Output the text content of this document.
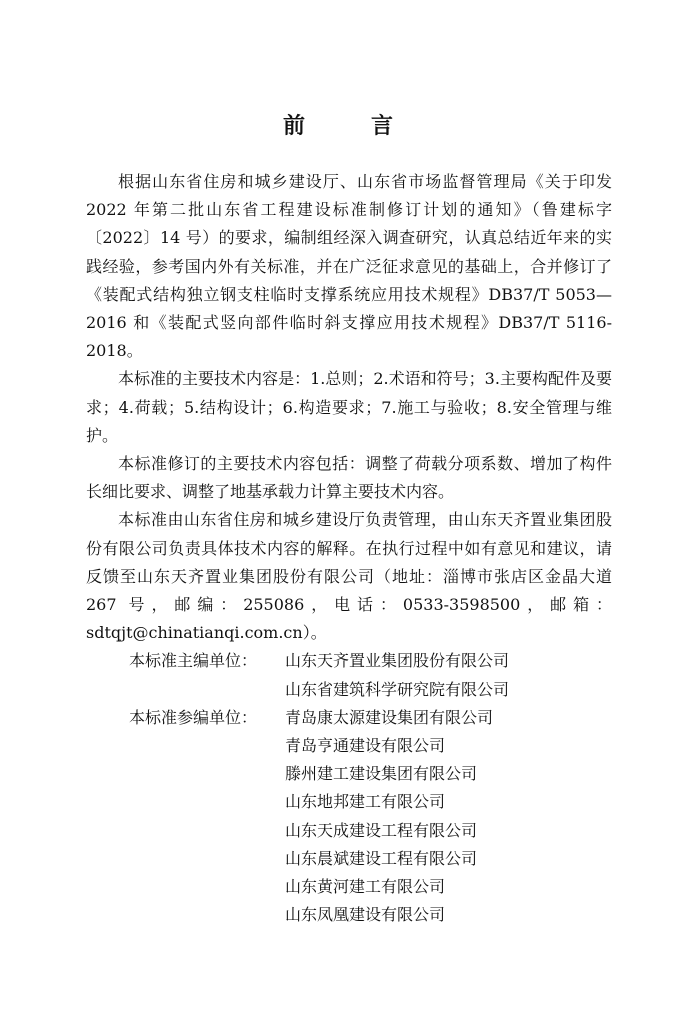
前　言

根据山东省住房和城乡建设厅、山东省市场监督管理局《关于印发 2022 年第二批山东省工程建设标准制修订计划的通知》（鲁建标字〔2022〕14 号）的要求，编制组经深入调查研究，认真总结近年来的实践经验，参考国内外有关标准，并在广泛征求意见的基础上，合并修订了《装配式结构独立钢支柱临时支撑系统应用技术规程》DB37/T 5053—2016 和《装配式竖向部件临时斜支撑应用技术规程》DB37/T 5116-2018。

本标准的主要技术内容是：1.总则；2.术语和符号；3.主要构配件及要求；4.荷载；5.结构设计；6.构造要求；7.施工与验收；8.安全管理与维护。

本标准修订的主要技术内容包括：调整了荷载分项系数、增加了构件长细比要求、调整了地基承载力计算主要技术内容。

本标准由山东省住房和城乡建设厅负责管理，由山东天齐置业集团股份有限公司负责具体技术内容的解释。在执行过程中如有意见和建议，请反馈至山东天齐置业集团股份有限公司（地址：淄博市张店区金晶大道 267 号，邮编：255086，电话：0533-3598500，邮箱：sdtqjt@chinatianqi.com.cn）。

本标准主编单位：	山东天齐置业集团股份有限公司
山东省建筑科学研究院有限公司
本标准参编单位：	青岛康太源建设集团有限公司
青岛亨通建设有限公司
滕州建工建设集团有限公司
山东地邦建工有限公司
山东天成建设工程有限公司
山东晨斌建设工程有限公司
山东黄河建工有限公司
山东凤凰建设有限公司
